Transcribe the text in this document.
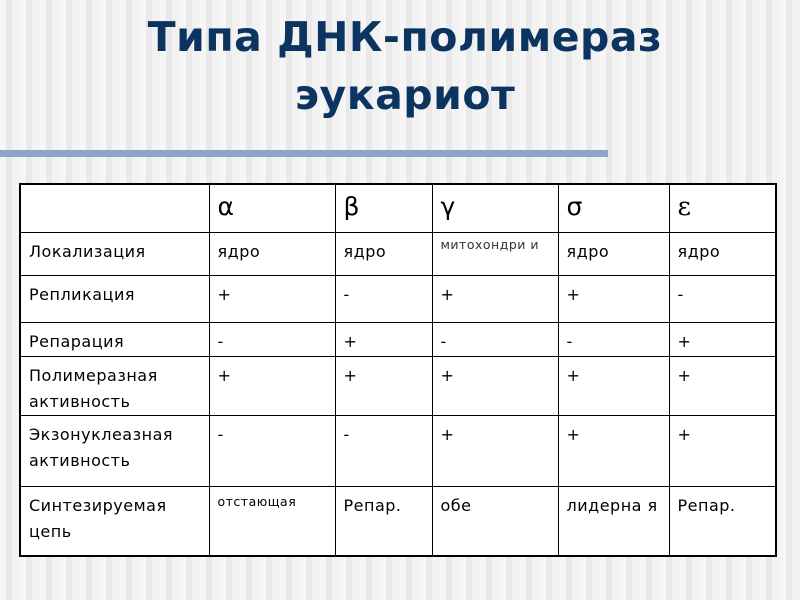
Типа ДНК-полимераз
эукариот
	α	β	γ	σ	ε
Локализация	ядро	ядро	митохондри и	ядро	ядро
Репликация	+	-	+	+	-
Репарация	-	+	-	-	+
Полимеразная активность	+	+	+	+	+
Экзонуклеазная активность	-	-	+	+	+
Синтезируемая цепь	отстающая	Репар.	обе	лидерна я	Репар.
